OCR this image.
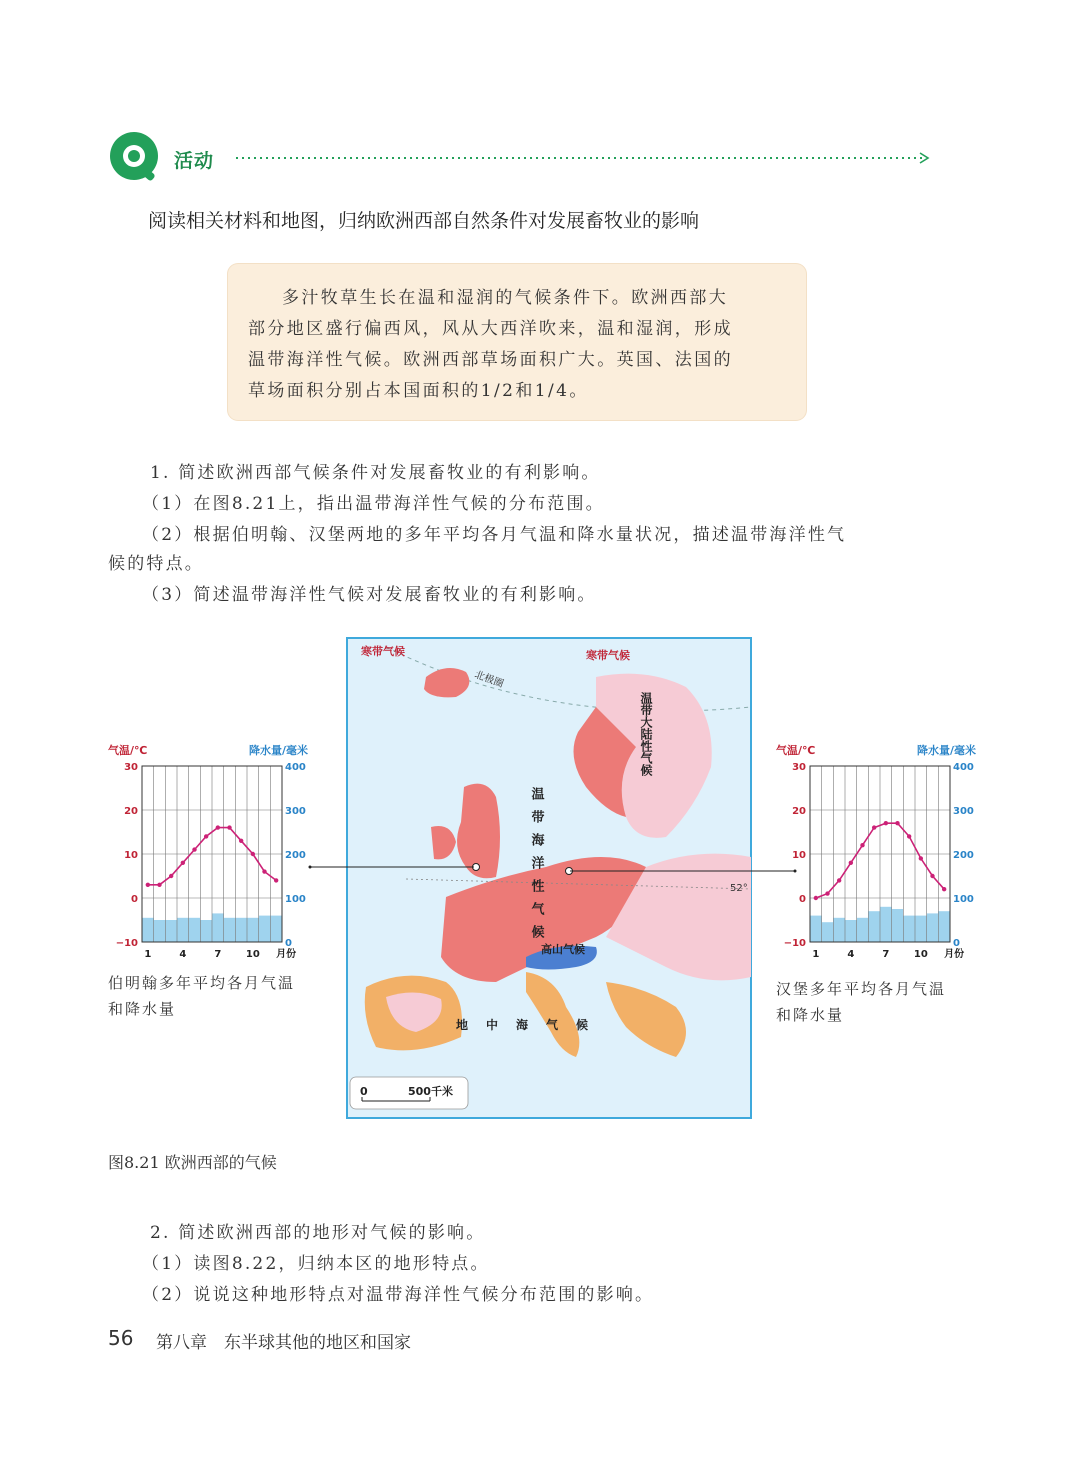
活动
阅读相关材料和地图，归纳欧洲西部自然条件对发展畜牧业的影响
多汁牧草生长在温和湿润的气候条件下。欧洲西部大
部分地区盛行偏西风，风从大西洋吹来，温和湿润，形成
温带海洋性气候。欧洲西部草场面积广大。英国、法国的
草场面积分别占本国面积的1/2和1/4。
1. 简述欧洲西部气候条件对发展畜牧业的有利影响。
（1）在图8.21上，指出温带海洋性气候的分布范围。
（2）根据伯明翰、汉堡两地的多年平均各月气温和降水量状况，描述温带海洋性气
候的特点。
（3）简述温带海洋性气候对发展畜牧业的有利影响。
寒带气候	寒带气候
北极圈
温带大陆性气候
温带海洋性气候
高山气候
地中海气候
52°
0	500千米
气温/℃	降水量/毫米
30
20
10
0
−10
400
300
200
100
0
1	4	7 10 月份
伯明翰多年平均各月气温
和降水量
气温/℃	降水量/毫米
30
20
10
0
−10
400
300
200
100
0
1	4	7 10 月份
汉堡多年平均各月气温
和降水量
图8.21 欧洲西部的气候
2. 简述欧洲西部的地形对气候的影响。
（1）读图8.22，归纳本区的地形特点。
（2）说说这种地形特点对温带海洋性气候分布范围的影响。
56 第八章　东半球其他的地区和国家
